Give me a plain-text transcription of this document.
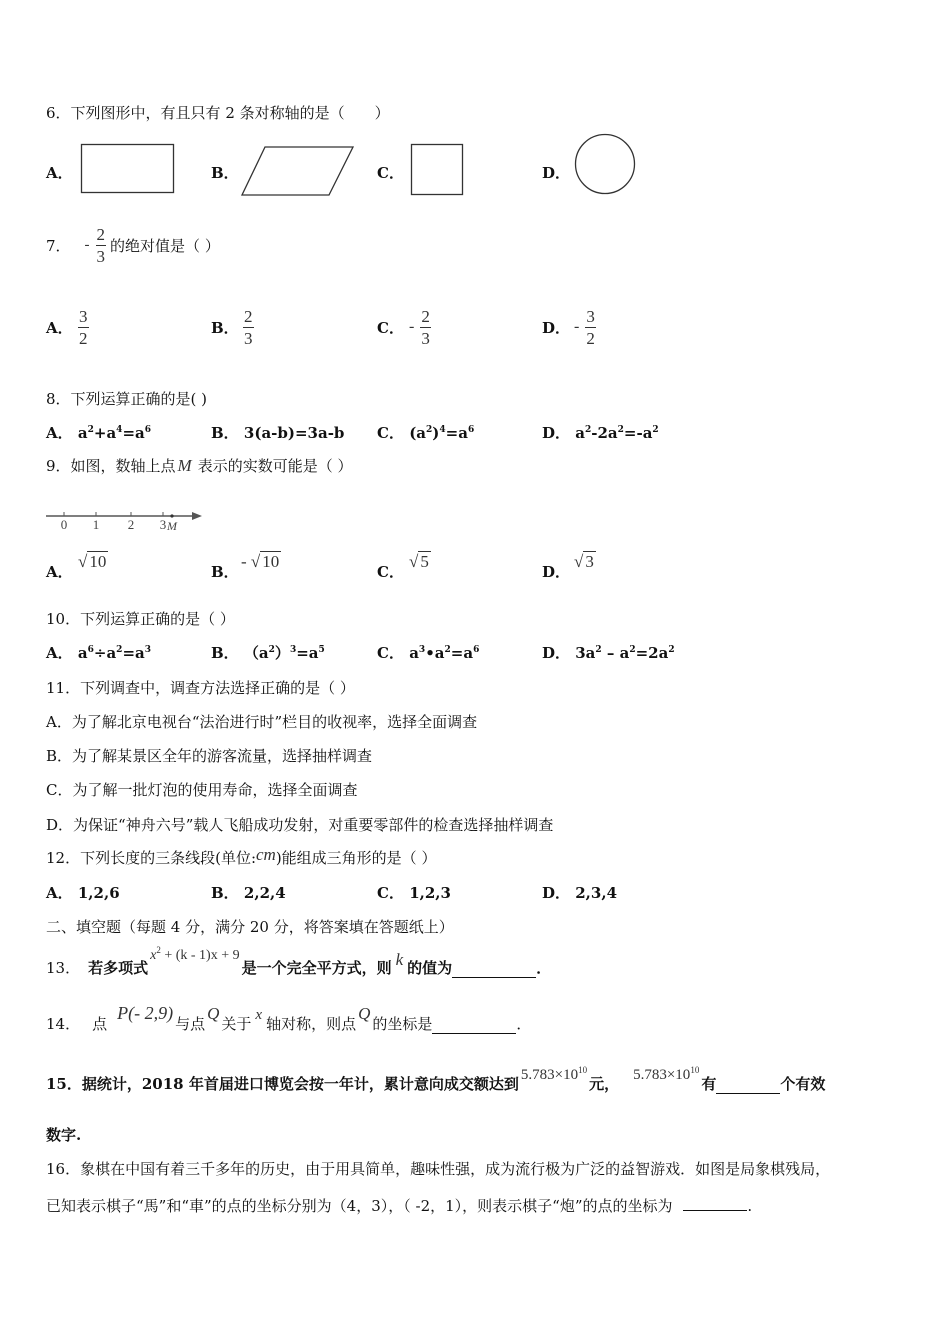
6．下列图形中，有且只有 2 条对称轴的是（　　）
A．	B．	C．	D．
7． - $\frac{2}{3}$ 的绝对值是（ ）
A． $\frac{3}{2}$	B． $\frac{2}{3}$	C． - $\frac{2}{3}$	D． - $\frac{3}{2}$
8．下列运算正确的是( )
A． $a^2+a^4=a^6$	B． 3(a-b)=3a-b C． $(a^2)^4=a^6$	D． $a^2-2a^2=-a^2$
9．如图，数轴上点 M 表示的实数可能是（ ）
0 1 2 3 M
A．
√ 10
B．
- √ 10
C．
√ 5
D．
√ 3
10．下列运算正确的是（ ）
A． $a^6\div a^2=a^3$	B． $(a^2)^3=a^5$	C． $a^3•a^2=a^6$	D． $3a^2 - a^2=2a^2$
11．下列调查中，调查方法选择正确的是（ ）
A．为了解北京电视台“法治进行时”栏目的收视率，选择全面调查
B．为了解某景区全年的游客流量，选择抽样调查
C．为了解一批灯泡的使用寿命，选择全面调查
D．为保证“神舟六号”载人飞船成功发射，对重要零部件的检查选择抽样调查
12．下列长度的三条线段(单位:cm)能组成三角形的是（ ）
A． 1,2,6	B． 2,2,4	C． 1,2,3	D． 2,3,4
二、填空题（每题 4 分，满分 20 分，将答案填在答题纸上）
13． 若多项式
$x^2 + (k - 1)x + 9$
是一个完全平方式，则 k 的值为	．
14． 点
P(- 2,9)
与点
Q
关于 x 轴对称，则点
Q
的坐标是	．
15．据统计，2018 年首届进口博览会按一年计，累计意向成交额达到 $5.783\times 10^{10}$
元， $5.783\times 10^{10}$
有	个有效
数字.
16．象棋在中国有着三千多年的历史，由于用具简单，趣味性强，成为流行极为广泛的益智游戏．如图是局象棋残局，
已知表示棋子“馬”和“車”的点的坐标分别为（4，3），（ -2，1），则表示棋子“炮”的点的坐标为	.
